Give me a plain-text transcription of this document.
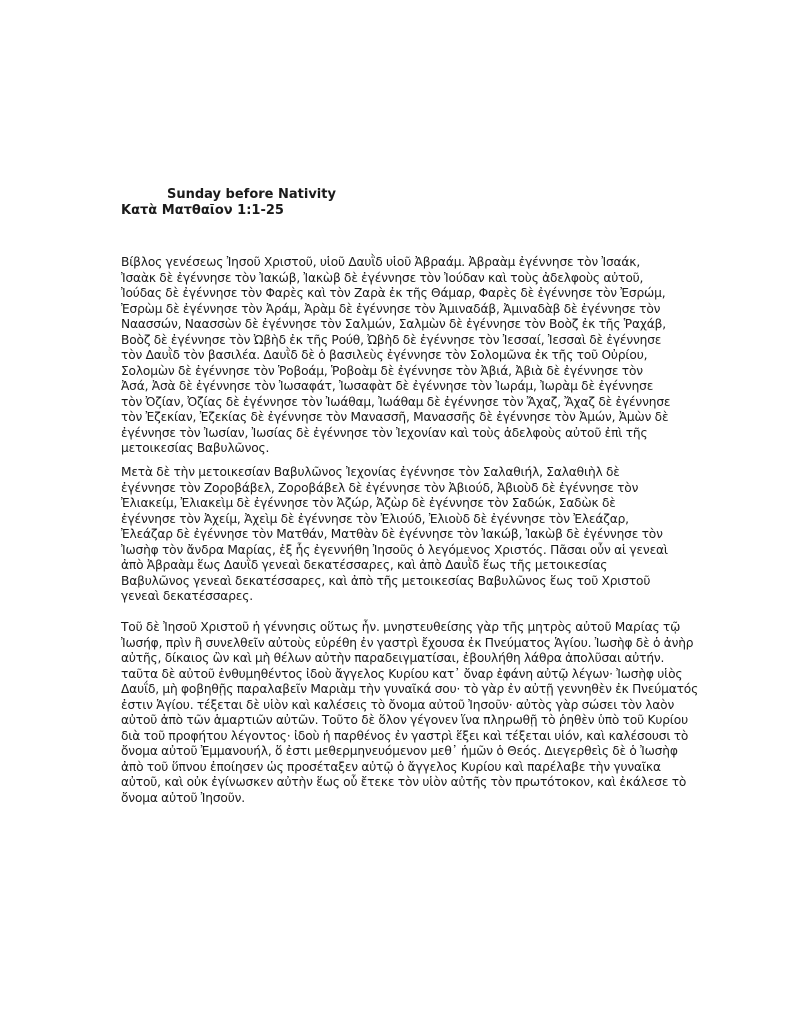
Sunday before Nativity
Κατὰ Ματθαῖον 1:1-25

Βίβλος γενέσεως Ἰησοῦ Χριστοῦ, υἱοῦ Δαυῒδ υἱοῦ Ἀβραάμ. Ἀβραὰμ ἐγέννησε τὸν Ἰσαάκ, Ἰσαὰκ δὲ ἐγέννησε τὸν Ἰακώβ, Ἰακὼβ δὲ ἐγέννησε τὸν Ἰούδαν καὶ τοὺς ἀδελφοὺς αὐτοῦ, Ἰούδας δὲ ἐγέννησε τὸν Φαρὲς καὶ τὸν Ζαρὰ ἐκ τῆς Θάμαρ, Φαρὲς δὲ ἐγέννησε τὸν Ἐσρώμ, Ἐσρὼμ δὲ ἐγέννησε τὸν Ἀράμ, Ἀρὰμ δὲ ἐγέννησε τὸν Ἀμιναδάβ, Ἀμιναδὰβ δὲ ἐγέννησε τὸν Ναασσών, Ναασσὼν δὲ ἐγέννησε τὸν Σαλμών, Σαλμὼν δὲ ἐγέννησε τὸν Βοὸζ ἐκ τῆς Ῥαχάβ, Βοὸζ δὲ ἐγέννησε τὸν Ὠβὴδ ἐκ τῆς Ρούθ, Ὠβὴδ δὲ ἐγέννησε τὸν Ἰεσσαί, Ἰεσσαὶ δὲ ἐγέννησε τὸν Δαυῒδ τὸν βασιλέα. Δαυῒδ δὲ ὁ βασιλεὺς ἐγέννησε τὸν Σολομῶνα ἐκ τῆς τοῦ Οὐρίου, Σολομὼν δὲ ἐγέννησε τὸν Ῥοβοάμ, Ῥοβοὰμ δὲ ἐγέννησε τὸν Ἀβιά, Ἀβιὰ δὲ ἐγέννησε τὸν Ἀσά, Ἀσὰ δὲ ἐγέννησε τὸν Ἰωσαφάτ, Ἰωσαφὰτ δὲ ἐγέννησε τὸν Ἰωράμ, Ἰωρὰμ δὲ ἐγέννησε τὸν Ὀζίαν, Ὀζίας δὲ ἐγέννησε τὸν Ἰωάθαμ, Ἰωάθαμ δὲ ἐγέννησε τὸν Ἄχαζ, Ἄχαζ δὲ ἐγέννησε τὸν Ἐζεκίαν, Ἐζεκίας δὲ ἐγέννησε τὸν Μανασσῆ, Μανασσῆς δὲ ἐγέννησε τὸν Ἀμών, Ἀμὼν δὲ ἐγέννησε τὸν Ἰωσίαν, Ἰωσίας δὲ ἐγέννησε τὸν Ἰεχονίαν καὶ τοὺς ἀδελφοὺς αὐτοῦ ἐπὶ τῆς μετοικεσίας Βαβυλῶνος.

Μετὰ δὲ τὴν μετοικεσίαν Βαβυλῶνος Ἰεχονίας ἐγέννησε τὸν Σαλαθιήλ, Σαλαθιὴλ δὲ ἐγέννησε τὸν Ζοροβάβελ, Ζοροβάβελ δὲ ἐγέννησε τὸν Ἀβιούδ, Ἀβιοὺδ δὲ ἐγέννησε τὸν Ἐλιακείμ, Ἐλιακεὶμ δὲ ἐγέννησε τὸν Ἀζώρ, Ἀζὼρ δὲ ἐγέννησε τὸν Σαδώκ, Σαδὼκ δὲ ἐγέννησε τὸν Ἀχείμ, Ἀχεὶμ δὲ ἐγέννησε τὸν Ἐλιούδ, Ἐλιοὺδ δὲ ἐγέννησε τὸν Ἐλεάζαρ, Ἐλεάζαρ δὲ ἐγέννησε τὸν Ματθάν, Ματθὰν δὲ ἐγέννησε τὸν Ἰακώβ, Ἰακὼβ δὲ ἐγέννησε τὸν Ἰωσὴφ τὸν ἄνδρα Μαρίας, ἐξ ἧς ἐγεννήθη Ἰησοῦς ὁ λεγόμενος Χριστός. Πᾶσαι οὖν αἱ γενεαὶ ἀπὸ Ἀβραὰμ ἕως Δαυῒδ γενεαὶ δεκατέσσαρες, καὶ ἀπὸ Δαυῒδ ἕως τῆς μετοικεσίας Βαβυλῶνος γενεαὶ δεκατέσσαρες, καὶ ἀπὸ τῆς μετοικεσίας Βαβυλῶνος ἕως τοῦ Χριστοῦ γενεαὶ δεκατέσσαρες.

Τοῦ δὲ Ἰησοῦ Χριστοῦ ἡ γέννησις οὕτως ἦν. μνηστευθείσης γὰρ τῆς μητρὸς αὐτοῦ Μαρίας τῷ Ἰωσήφ, πρὶν ἢ συνελθεῖν αὐτοὺς εὑρέθη ἐν γαστρὶ ἔχουσα ἐκ Πνεύματος Ἁγίου. Ἰωσὴφ δὲ ὁ ἀνὴρ αὐτῆς, δίκαιος ὢν καὶ μὴ θέλων αὐτὴν παραδειγματίσαι, ἐβουλήθη λάθρα ἀπολῦσαι αὐτήν. ταῦτα δὲ αὐτοῦ ἐνθυμηθέντος ἰδοὺ ἄγγελος Κυρίου κατ᾿ ὄναρ ἐφάνη αὐτῷ λέγων· Ἰωσὴφ υἱὸς Δαυΐδ, μὴ φοβηθῇς παραλαβεῖν Μαριὰμ τὴν γυναῖκά σου· τὸ γὰρ ἐν αὐτῇ γεννηθὲν ἐκ Πνεύματός ἐστιν Ἁγίου. τέξεται δὲ υἱὸν καὶ καλέσεις τὸ ὄνομα αὐτοῦ Ἰησοῦν· αὐτὸς γὰρ σώσει τὸν λαὸν αὐτοῦ ἀπὸ τῶν ἁμαρτιῶν αὐτῶν. Τοῦτο δὲ ὅλον γέγονεν ἵνα πληρωθῇ τὸ ῥηθὲν ὑπὸ τοῦ Κυρίου διὰ τοῦ προφήτου λέγοντος· ἰδοὺ ἡ παρθένος ἐν γαστρὶ ἕξει καὶ τέξεται υἱόν, καὶ καλέσουσι τὸ ὄνομα αὐτοῦ Ἐμμανουήλ, ὅ ἐστι μεθερμηνευόμενον μεθ᾿ ἡμῶν ὁ Θεός. Διεγερθεὶς δὲ ὁ Ἰωσὴφ ἀπὸ τοῦ ὕπνου ἐποίησεν ὡς προσέταξεν αὐτῷ ὁ ἄγγελος Κυρίου καὶ παρέλαβε τὴν γυναῖκα αὐτοῦ, καὶ οὐκ ἐγίνωσκεν αὐτὴν ἕως οὗ ἔτεκε τὸν υἱὸν αὐτῆς τὸν πρωτότοκον, καὶ ἐκάλεσε τὸ ὄνομα αὐτοῦ Ἰησοῦν.
